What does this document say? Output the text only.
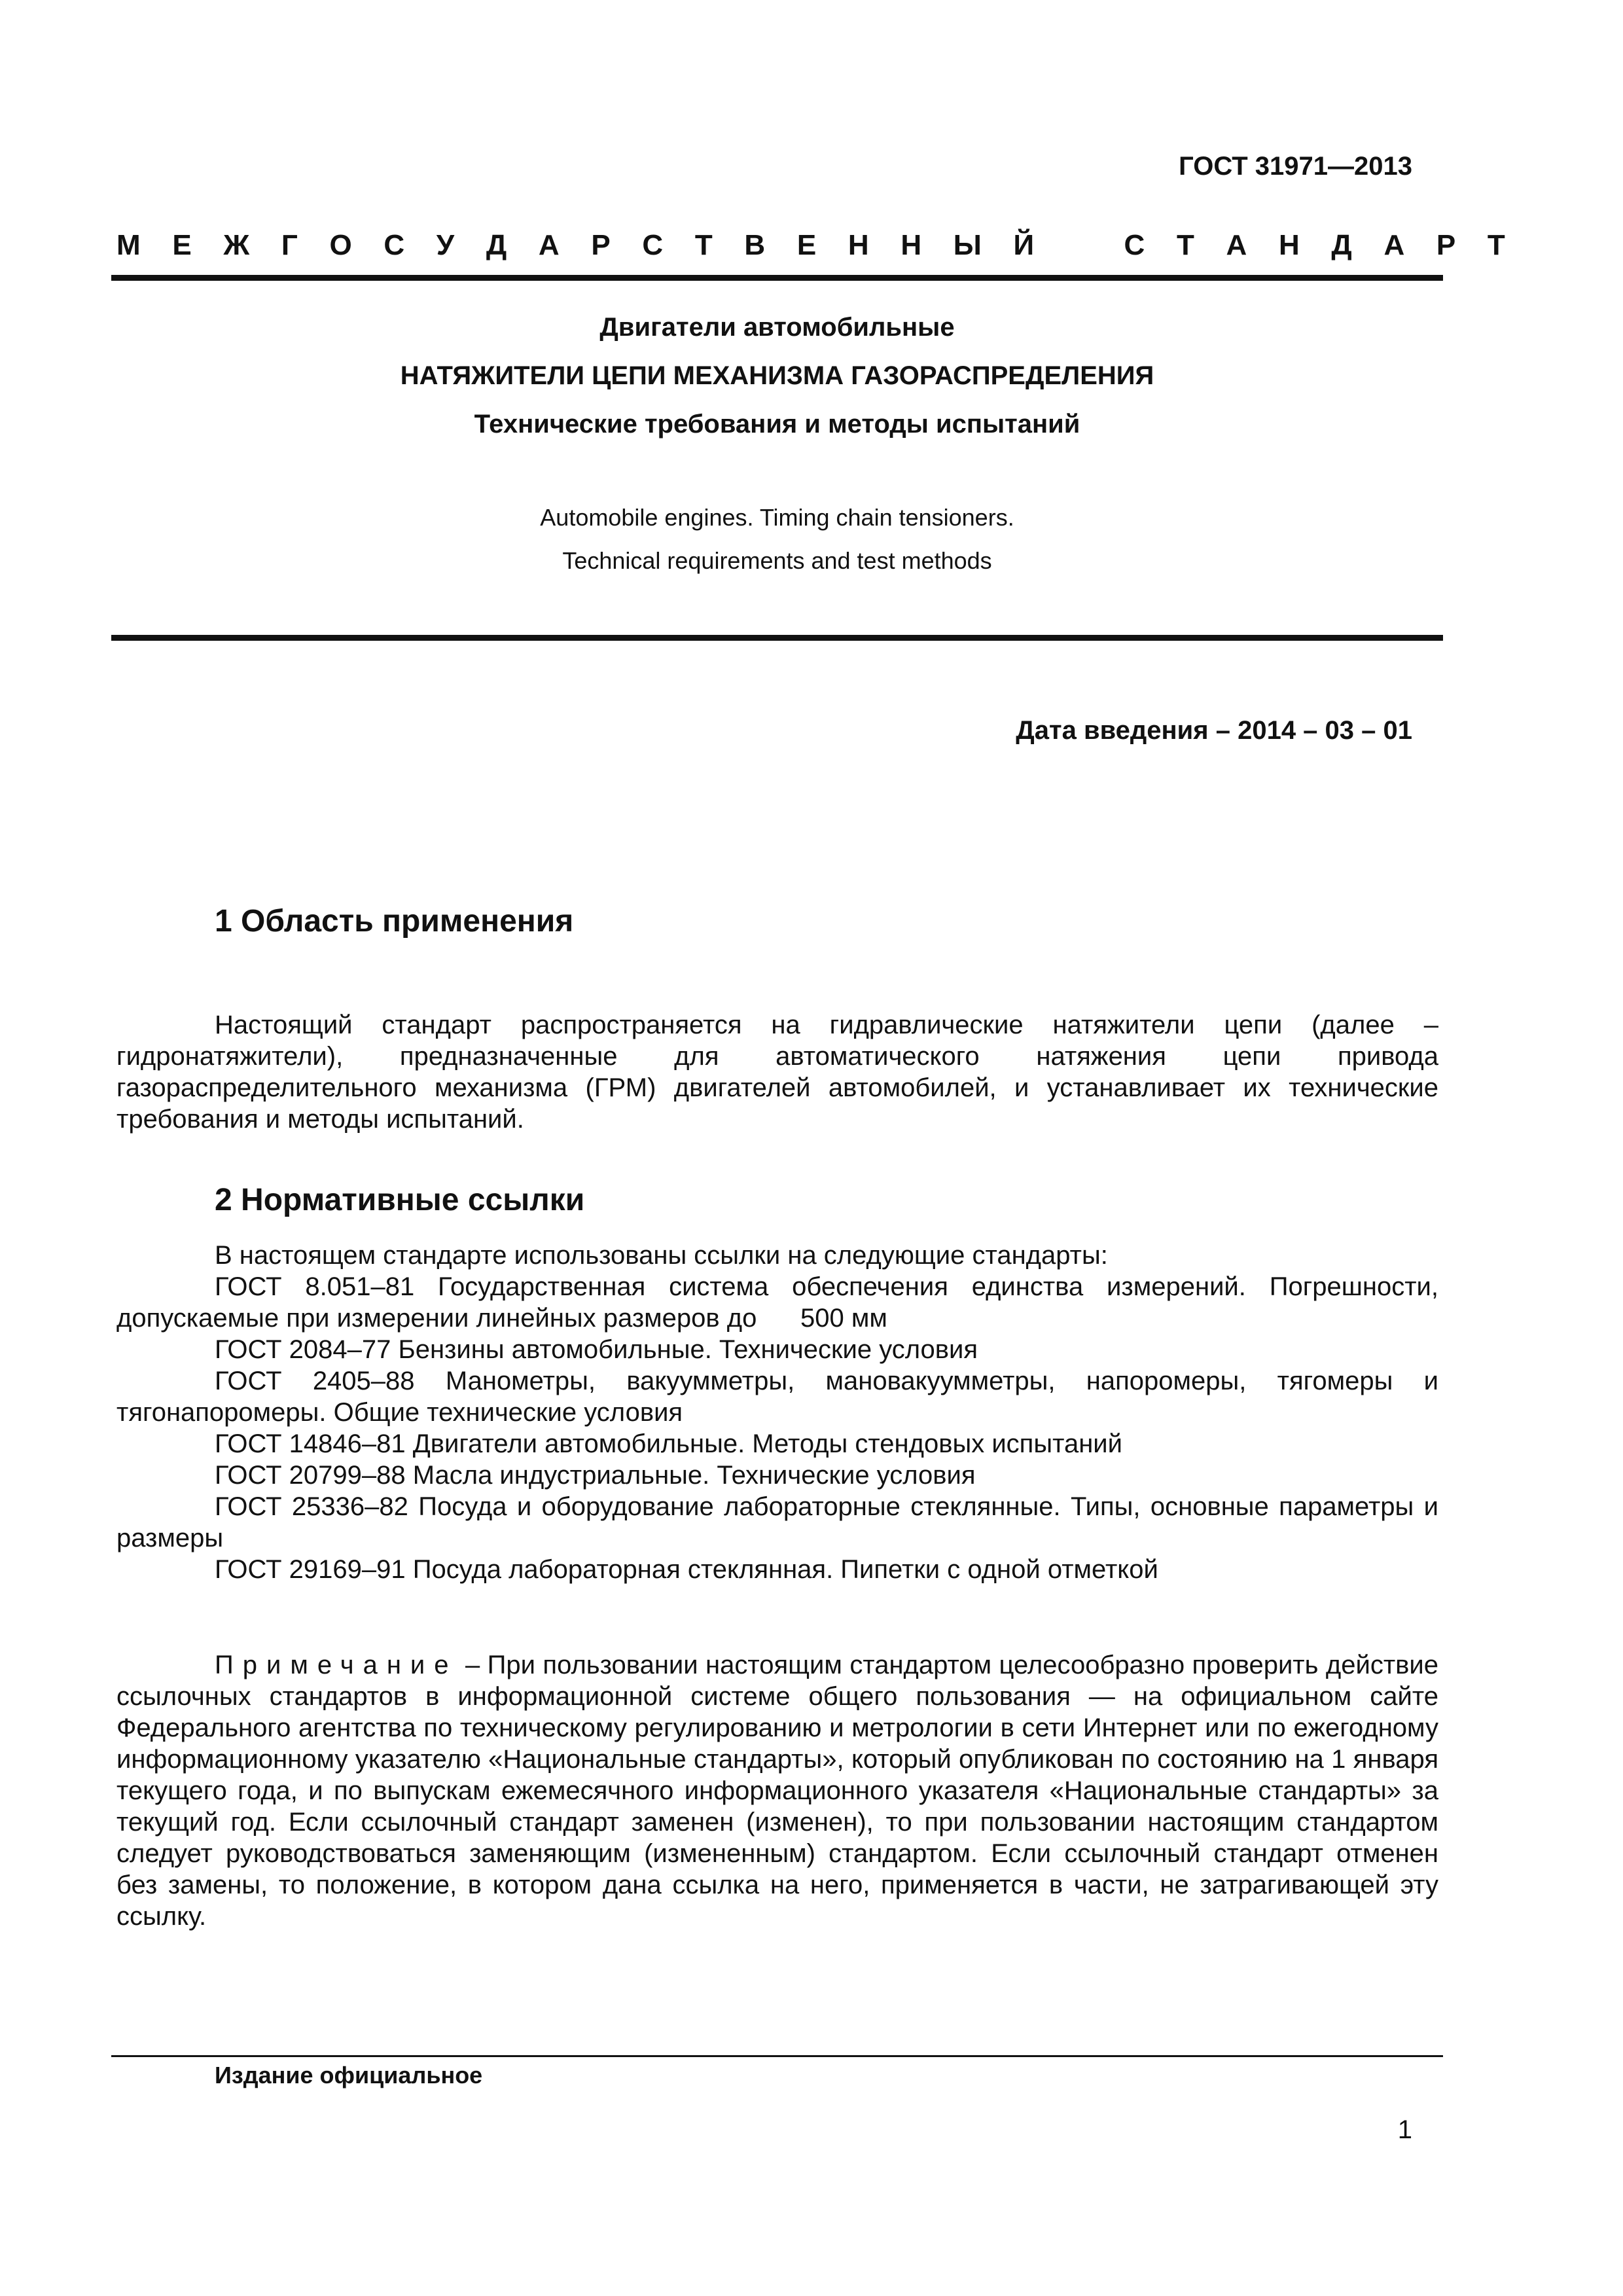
ГОСТ 31971—2013
М Е Ж Г О С У Д А Р С Т В Е Н Н Ы Й	С Т А Н Д А Р Т
Двигатели автомобильные
НАТЯЖИТЕЛИ ЦЕПИ МЕХАНИЗМА ГАЗОРАСПРЕДЕЛЕНИЯ
Технические требования и методы испытаний
Automobile engines. Timing chain tensioners.
Technical requirements and test methods
Дата введения – 2014 – 03 – 01
1 Область применения
Настоящий стандарт распространяется на гидравлические натяжители цепи (далее – гидронатяжители), предназначенные для автоматического натяжения цепи привода газораспределительного механизма (ГРМ) двигателей автомобилей, и устанавливает их технические требования и методы испытаний.
2 Нормативные ссылки
В настоящем стандарте использованы ссылки на следующие стандарты:
ГОСТ 8.051–81 Государственная система обеспечения единства измерений. Погрешности, допускаемые при измерении линейных размеров до      500 мм
ГОСТ 2084–77 Бензины автомобильные. Технические условия
ГОСТ 2405–88 Манометры, вакуумметры, мановакуумметры, напоромеры, тягомеры и тягонапоромеры. Общие технические условия
ГОСТ 14846–81 Двигатели автомобильные. Методы стендовых испытаний
ГОСТ 20799–88 Масла индустриальные. Технические условия
ГОСТ 25336–82 Посуда и оборудование лабораторные стеклянные. Типы, основные параметры и размеры
ГОСТ 29169–91 Посуда лабораторная стеклянная. Пипетки с одной отметкой
Примечание – При пользовании настоящим стандартом целесообразно проверить действие ссылочных стандартов в информационной системе общего пользования — на официальном сайте Федерального агентства по техническому регулированию и метрологии в сети Интернет или по ежегодному информационному указателю «Национальные стандарты», который опубликован по состоянию на 1 января текущего года, и по выпускам ежемесячного информационного указателя «Национальные стандарты» за текущий год. Если ссылочный стандарт заменен (изменен), то при пользовании настоящим стандартом следует руководствоваться заменяющим (измененным) стандартом. Если ссылочный стандарт отменен без замены, то положение, в котором дана ссылка на него, применяется в части, не затрагивающей эту ссылку.
Издание официальное
1
